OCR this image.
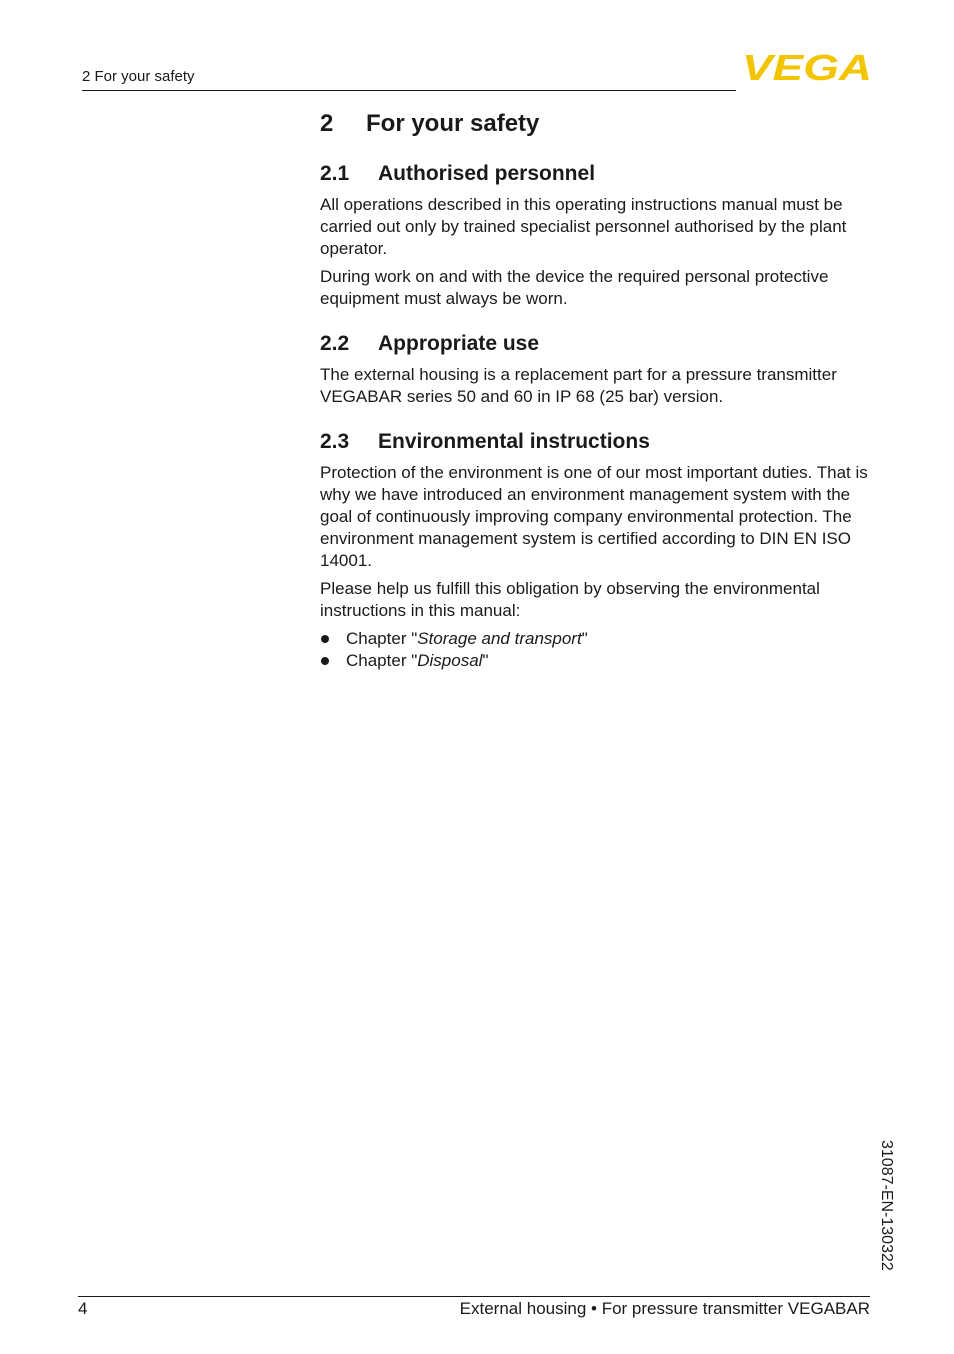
2 For your safety	VEGA
2	For your safety
2.1	Authorised personnel

All operations described in this operating instructions manual must be carried out only by trained specialist personnel authorised by the plant operator.

During work on and with the device the required personal protective equipment must always be worn.

2.2	Appropriate use

The external housing is a replacement part for a pressure transmitter VEGABAR series 50 and 60 in IP 68 (25 bar) version.

2.3	Environmental instructions

Protection of the environment is one of our most important duties. That is why we have introduced an environment management system with the goal of continuously improving company environmental protection. The environment management system is certified according to DIN EN ISO 14001.

Please help us fulfill this obligation by observing the environmental instructions in this manual:

Chapter "Storage and transport"
Chapter "Disposal"
31087-EN-130322
4	External housing • For pressure transmitter VEGABAR
